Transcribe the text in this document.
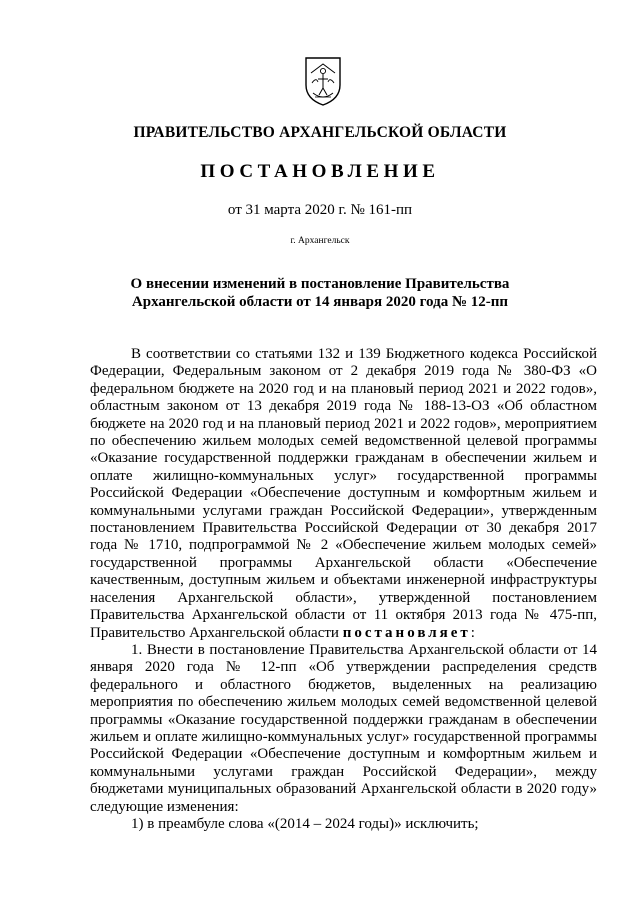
ПРАВИТЕЛЬСТВО АРХАНГЕЛЬСКОЙ ОБЛАСТИ
ПОСТАНОВЛЕНИЕ
от 31 марта 2020 г. № 161-пп
г. Архангельск
О внесении изменений в постановление Правительства
Архангельской области от 14 января 2020 года № 12-пп

В соответствии со статьями 132 и 139 Бюджетного кодекса Российской Федерации, Федеральным законом от 2 декабря 2019 года № 380-ФЗ «О федеральном бюджете на 2020 год и на плановый период 2021 и 2022 годов», областным законом от 13 декабря 2019 года № 188-13-ОЗ «Об областном бюджете на 2020 год и на плановый период 2021 и 2022 годов», мероприятием по обеспечению жильем молодых семей ведомственной целевой программы «Оказание государственной поддержки гражданам в обеспечении жильем и оплате жилищно-коммунальных услуг» государственной программы Российской Федерации «Обеспечение доступным и комфортным жильем и коммунальными услугами граждан Российской Федерации», утвержденным постановлением Правительства Российской Федерации от 30 декабря 2017 года № 1710, подпрограммой № 2 «Обеспечение жильем молодых семей» государственной программы Архангельской области «Обеспечение качественным, доступным жильем и объектами инженерной инфраструктуры населения Архангельской области», утвержденной постановлением Правительства Архангельской области от 11 октября 2013 года № 475-пп, Правительство Архангельской области постановляет:

1. Внести в постановление Правительства Архангельской области от 14 января 2020 года № 12-пп «Об утверждении распределения средств федерального и областного бюджетов, выделенных на реализацию мероприятия по обеспечению жильем молодых семей ведомственной целевой программы «Оказание государственной поддержки гражданам в обеспечении жильем и оплате жилищно-коммунальных услуг» государственной программы Российской Федерации «Обеспечение доступным и комфортным жильем и коммунальными услугами граждан Российской Федерации», между бюджетами муниципальных образований Архангельской области в 2020 году» следующие изменения:

1) в преамбуле слова «(2014 – 2024 годы)» исключить;
